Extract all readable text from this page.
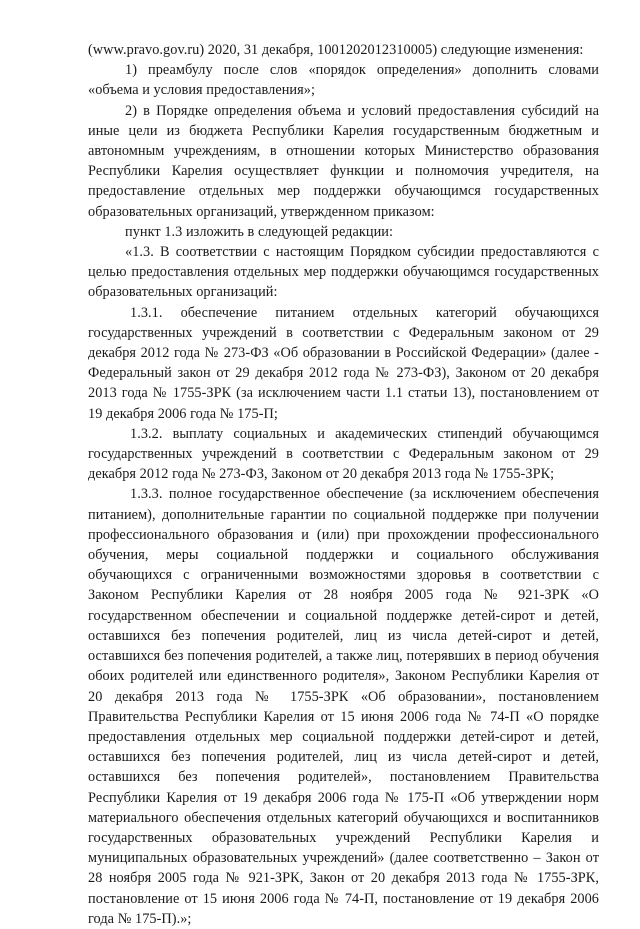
(www.pravo.gov.ru) 2020, 31 декабря, 1001202012310005) следующие изменения:

1) преамбулу после слов «порядок определения» дополнить словами «объема и условия предоставления»;

2) в Порядке определения объема и условий предоставления субсидий на иные цели из бюджета Республики Карелия государственным бюджетным и автономным учреждениям, в отношении которых Министерство образования Республики Карелия осуществляет функции и полномочия учредителя, на предоставление отдельных мер поддержки обучающимся государственных образовательных организаций, утвержденном приказом:

пункт 1.3 изложить в следующей редакции:

«1.3. В соответствии с настоящим Порядком субсидии предоставляются с целью предоставления отдельных мер поддержки обучающимся государственных образовательных организаций:

1.3.1. обеспечение питанием отдельных категорий обучающихся государственных учреждений в соответствии с Федеральным законом от 29 декабря 2012 года № 273-ФЗ «Об образовании в Российской Федерации» (далее - Федеральный закон от 29 декабря 2012 года № 273-ФЗ), Законом от 20 декабря 2013 года № 1755-ЗРК (за исключением части 1.1 статьи 13), постановлением от 19 декабря 2006 года № 175-П;

1.3.2. выплату социальных и академических стипендий обучающимся государственных учреждений в соответствии с Федеральным законом от 29 декабря 2012 года № 273-ФЗ, Законом от 20 декабря 2013 года № 1755-ЗРК;

1.3.3. полное государственное обеспечение (за исключением обеспечения питанием), дополнительные гарантии по социальной поддержке при получении профессионального образования и (или) при прохождении профессионального обучения, меры социальной поддержки и социального обслуживания обучающихся с ограниченными возможностями здоровья в соответствии с Законом Республики Карелия от 28 ноября 2005 года № 921-ЗРК «О государственном обеспечении и социальной поддержке детей-сирот и детей, оставшихся без попечения родителей, лиц из числа детей-сирот и детей, оставшихся без попечения родителей, а также лиц, потерявших в период обучения обоих родителей или единственного родителя», Законом Республики Карелия от 20 декабря 2013 года № 1755-ЗРК «Об образовании», постановлением Правительства Республики Карелия от 15 июня 2006 года № 74-П «О порядке предоставления отдельных мер социальной поддержки детей-сирот и детей, оставшихся без попечения родителей, лиц из числа детей-сирот и детей, оставшихся без попечения родителей», постановлением Правительства Республики Карелия от 19 декабря 2006 года № 175-П «Об утверждении норм материального обеспечения отдельных категорий обучающихся и воспитанников государственных образовательных учреждений Республики Карелия и муниципальных образовательных учреждений» (далее соответственно – Закон от 28 ноября 2005 года № 921-ЗРК, Закон от 20 декабря 2013 года № 1755-ЗРК, постановление от 15 июня 2006 года № 74-П, постановление от 19 декабря 2006 года № 175-П).»;
